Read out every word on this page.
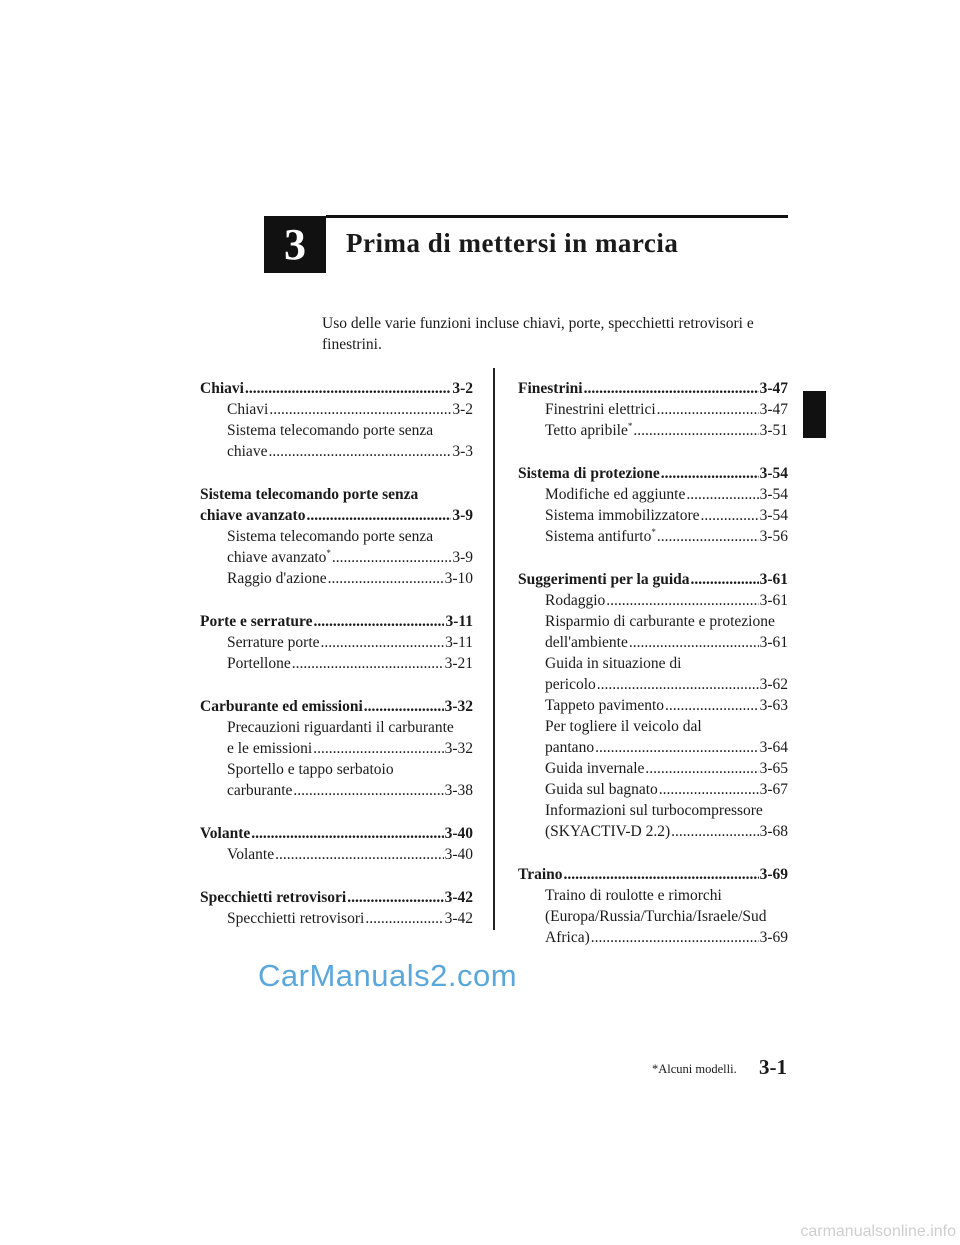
3	Prima di mettersi in marcia
Uso delle varie funzioni incluse chiavi, porte, specchietti retrovisori e finestrini.
Chiavi .....	3-2
Chiavi .....	3-2
Sistema telecomando porte senza
chiave .....	3-3
Sistema telecomando porte senza
chiave avanzato .....	3-9
Sistema telecomando porte senza
chiave avanzato* .....	3-9
Raggio d'azione .....	3-10
Porte e serrature .....	3-11
Serrature porte .....	3-11
Portellone .....	3-21
Carburante ed emissioni .....	3-32
Precauzioni riguardanti il carburante
e le emissioni .....	3-32
Sportello e tappo serbatoio
carburante .....	3-38
Volante .....	3-40
Volante .....	3-40
Specchietti retrovisori .....	3-42
Specchietti retrovisori .....	3-42
Finestrini .....	3-47
Finestrini elettrici .....	3-47
Tetto apribile* .....	3-51
Sistema di protezione .....	3-54
Modifiche ed aggiunte .....	3-54
Sistema immobilizzatore .....	3-54
Sistema antifurto* .....	3-56
Suggerimenti per la guida .....	3-61
Rodaggio .....	3-61
Risparmio di carburante e protezione
dell'ambiente .....	3-61
Guida in situazione di
pericolo .....	3-62
Tappeto pavimento .....	3-63
Per togliere il veicolo dal
pantano .....	3-64
Guida invernale .....	3-65
Guida sul bagnato .....	3-67
Informazioni sul turbocompressore
(SKYACTIV-D 2.2) .....	3-68
Traino .....	3-69
Traino di roulotte e rimorchi
(Europa/Russia/Turchia/Israele/Sud
Africa) .....	3-69
CarManuals2.com
*Alcuni modelli. 3-1
carmanualsonline.info
